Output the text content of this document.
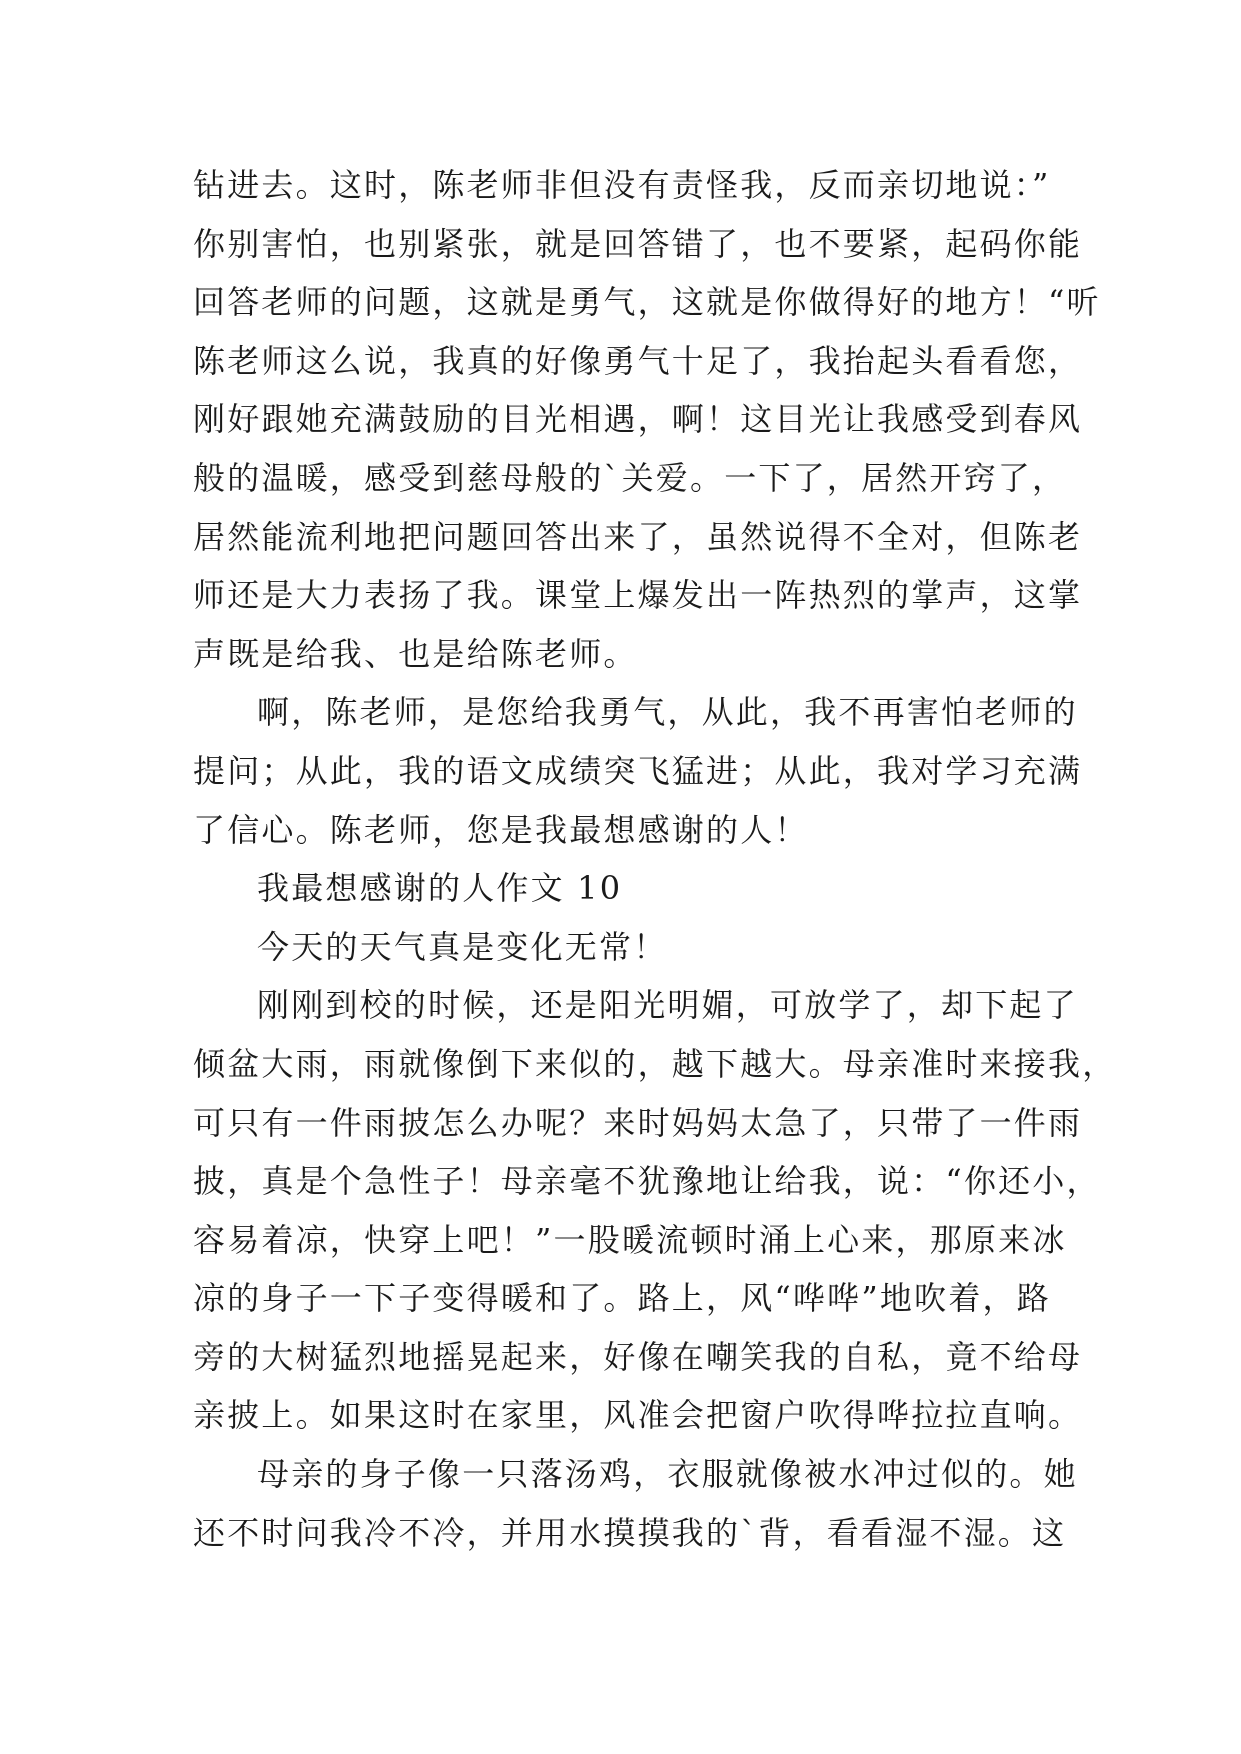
钻进去。这时，陈老师非但没有责怪我，反而亲切地说：”
你别害怕，也别紧张，就是回答错了，也不要紧，起码你能
回答老师的问题，这就是勇气，这就是你做得好的地方！“听
陈老师这么说，我真的好像勇气十足了，我抬起头看看您，
刚好跟她充满鼓励的目光相遇，啊！这目光让我感受到春风
般的温暖，感受到慈母般的`关爱。一下了，居然开窍了，
居然能流利地把问题回答出来了，虽然说得不全对，但陈老
师还是大力表扬了我。课堂上爆发出一阵热烈的掌声，这掌
声既是给我、也是给陈老师。
啊，陈老师，是您给我勇气，从此，我不再害怕老师的
提问；从此，我的语文成绩突飞猛进；从此，我对学习充满
了信心。陈老师，您是我最想感谢的人！
我最想感谢的人作文 10
今天的天气真是变化无常！
刚刚到校的时候，还是阳光明媚，可放学了，却下起了
倾盆大雨，雨就像倒下来似的，越下越大。母亲准时来接我，
可只有一件雨披怎么办呢？来时妈妈太急了，只带了一件雨
披，真是个急性子！母亲毫不犹豫地让给我，说：“你还小，
容易着凉，快穿上吧！”一股暖流顿时涌上心来，那原来冰
凉的身子一下子变得暖和了。路上，风“哗哗”地吹着，路
旁的大树猛烈地摇晃起来，好像在嘲笑我的自私，竟不给母
亲披上。如果这时在家里，风准会把窗户吹得哗拉拉直响。
母亲的身子像一只落汤鸡，衣服就像被水冲过似的。她
还不时问我冷不冷，并用水摸摸我的`背，看看湿不湿。这
